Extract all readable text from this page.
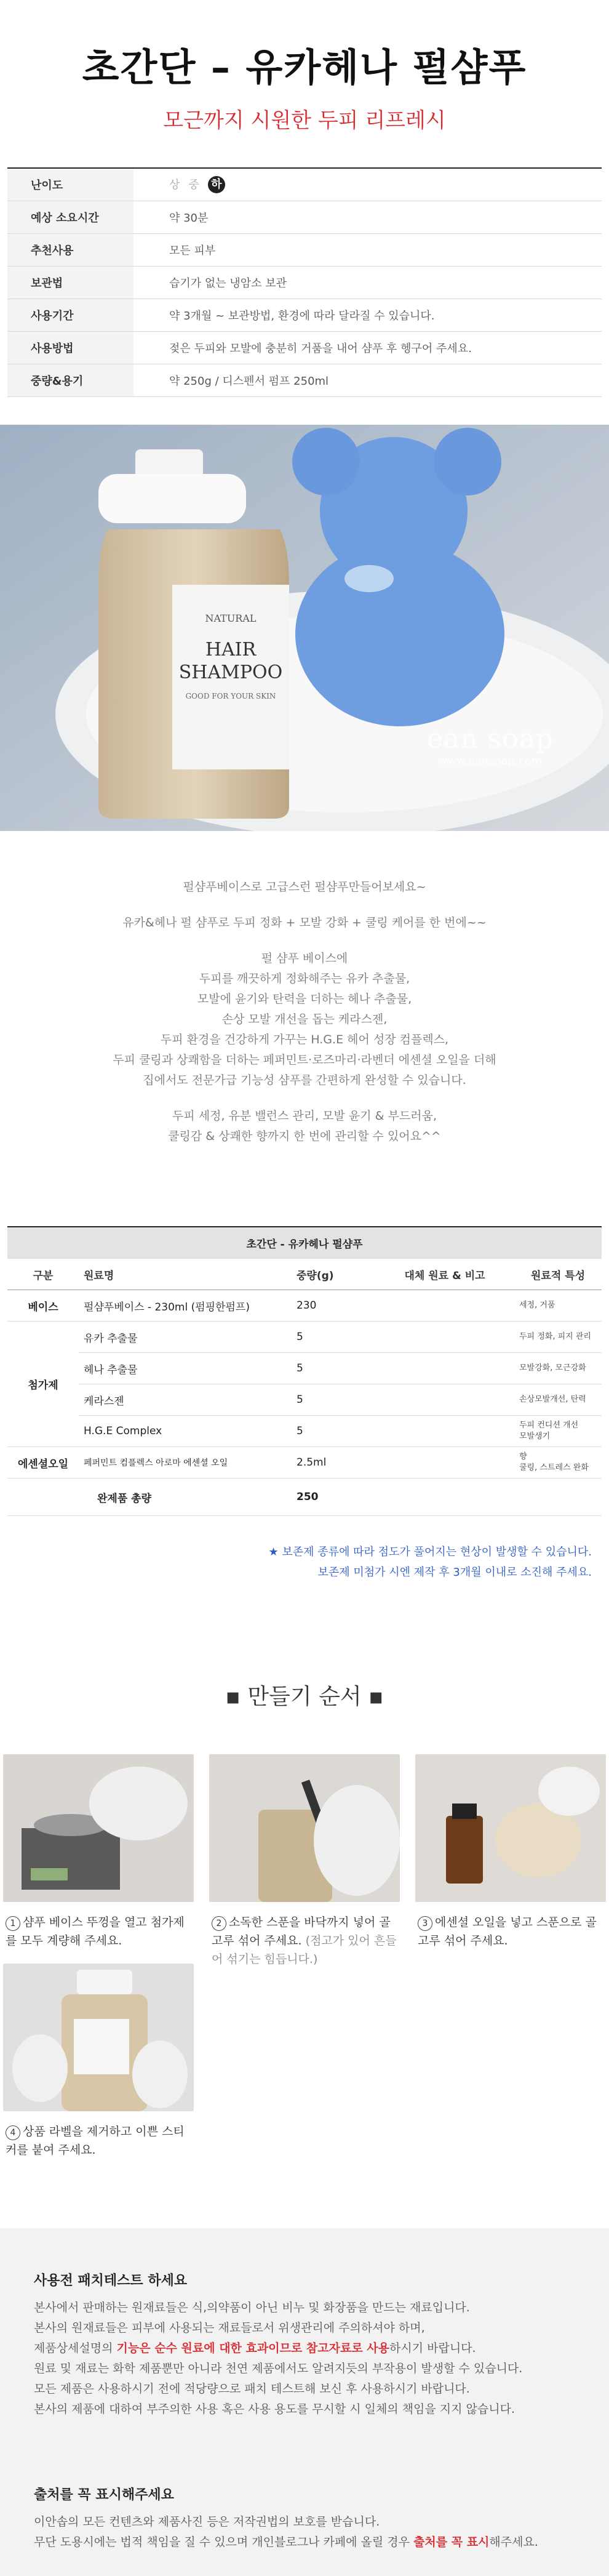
초간단 – 유카헤나 펄샴푸
모근까지 시원한 두피 리프레시
난이도	상 중 하
예상 소요시간	약 30분
추천사용	모든 피부
보관법	습기가 없는 냉암소 보관
사용기간	약 3개월 ~ 보관방법, 환경에 따라 달라질 수 있습니다.
사용방법	젖은 두피와 모발에 충분히 거품을 내어 샴푸 후 헹구어 주세요.
중량&용기	약 250g / 디스펜서 펌프 250ml
NATURAL
HAIR
SHAMPOO
GOOD FOR YOUR SKIN
ean soap
www.eansoap.com

펄샴푸베이스로 고급스런 펄샴푸만들어보세요~

유카&헤나 펄 샴푸로 두피 정화 + 모발 강화 + 쿨링 케어를 한 번에~~

펄 샴푸 베이스에

두피를 깨끗하게 정화해주는 유카 추출물,

모발에 윤기와 탄력을 더하는 헤나 추출물,

손상 모발 개선을 돕는 케라스젠,

두피 환경을 건강하게 가꾸는 H.G.E 헤어 성장 컴플렉스,

두피 쿨링과 상쾌함을 더하는 페퍼민트·로즈마리·라벤더 에센셜 오일을 더해

집에서도 전문가급 기능성 샴푸를 간편하게 완성할 수 있습니다.

두피 세정, 유분 밸런스 관리, 모발 윤기 & 부드러움,

쿨링감 & 상쾌한 향까지 한 번에 관리할 수 있어요^^

초간단 - 유카헤나 펄샴푸				
구분	원료명	중량(g)	대체 원료 & 비고	원료적 특성
베이스	펄샴푸베이스 - 230ml (펌핑한펌프)	230		세정, 거품
첨가제	유카 추출물	5		두피 정화, 피지 관리
	헤나 추출물	5		모발강화, 모근강화
	케라스젠	5		손상모발개선, 탄력
	H.G.E Complex	5		두피 컨디션 개선
모발생기
에센셜오일	페퍼민트 컴플렉스 아로마 에센셜 오일	2.5ml		향
쿨링, 스트레스 완화
	완제품 총량	250		
★ 보존제 종류에 따라 점도가 풀어지는 현상이 발생할 수 있습니다.
보존제 미첨가 시엔 제작 후 3개월 이내로 소진해 주세요.
▪ 만들기 순서 ▪
1 샴푸 베이스 뚜껑을 열고 첨가제를 모두 계량해 주세요.
2 소독한 스푼을 바닥까지 넣어 골고루 섞어 주세요. (점고가 있어 흔들어 섞기는 힘듭니다.)
3 에센셜 오일을 넣고 스푼으로 골고루 섞어 주세요.
4 상품 라벨을 제거하고 이쁜 스티커를 붙여 주세요.
사용전 패치테스트 하세요

본사에서 판매하는 원재료들은 식,의약품이 아닌 비누 및 화장품을 만드는 재료입니다.
본사의 원재료들은 피부에 사용되는 재료들로서 위생관리에 주의하셔야 하며,
제품상세설명의 기능은 순수 원료에 대한 효과이므로 참고자료로 사용하시기 바랍니다.
원료 및 재료는 화학 제품뿐만 아니라 천연 제품에서도 알려지듯의 부작용이 발생할 수 있습니다.
모든 제품은 사용하시기 전에 적당량으로 패치 테스트해 보신 후 사용하시기 바랍니다.
본사의 제품에 대하여 부주의한 사용 혹은 사용 용도를 무시할 시 일체의 책임을 지지 않습니다.

출처를 꼭 표시해주세요

이안솝의 모든 컨텐츠와 제품사진 등은 저작권법의 보호를 받습니다.
무단 도용시에는 법적 책임을 질 수 있으며 개인블로그나 카페에 올릴 경우 출처를 꼭 표시해주세요.
